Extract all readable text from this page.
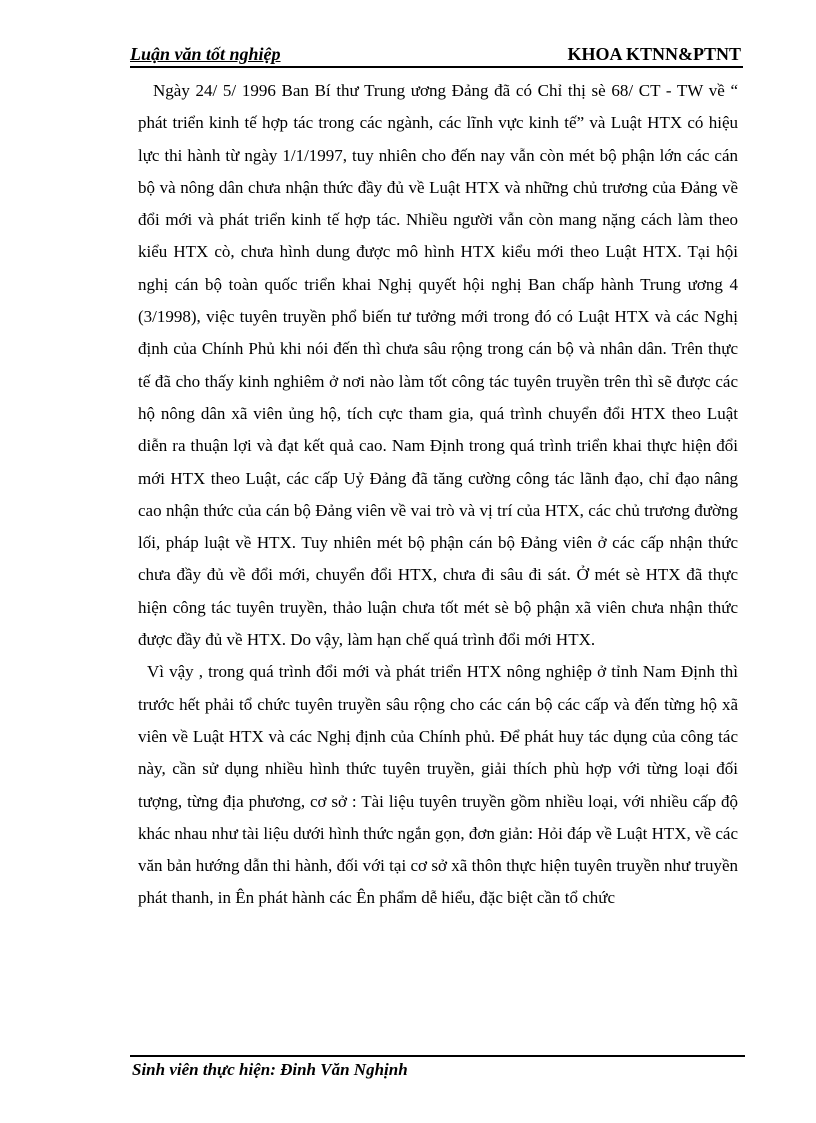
Luận văn tốt nghiệp	KHOA KTNN&PTNT

Ngày 24/ 5/ 1996 Ban Bí thư Trung ương Đảng đã có Chỉ thị sè 68/ CT - TW về “ phát triển kinh tế hợp tác trong các ngành, các lĩnh vực kinh tế” và Luật HTX có hiệu lực thi hành từ ngày 1/1/1997, tuy nhiên cho đến nay vẫn còn mét bộ phận lớn các cán bộ và nông dân chưa nhận thức đầy đủ về Luật HTX và những chủ trương của Đảng về đổi mới và phát triển kinh tế hợp tác. Nhiều người vẫn còn mang nặng cách làm theo kiểu HTX cò, chưa hình dung được mô hình HTX kiểu mới theo Luật HTX. Tại hội nghị cán bộ toàn quốc triển khai Nghị quyết hội nghị Ban chấp hành Trung ương 4 (3/1998), việc tuyên truyền phổ biến tư tưởng mới trong đó có Luật HTX và các Nghị định của Chính Phủ khi nói đến thì chưa sâu rộng trong cán bộ và nhân dân. Trên thực tế đã cho thấy kinh nghiêm ở nơi nào làm tốt công tác tuyên truyền trên thì sẽ được các hộ nông dân xã viên ủng hộ, tích cực tham gia, quá trình chuyển đổi HTX theo Luật diễn ra thuận lợi và đạt kết quả cao. Nam Định trong quá trình triển khai thực hiện đổi mới HTX theo Luật, các cấp Uỷ Đảng đã tăng cường công tác lãnh đạo, chỉ đạo nâng cao nhận thức của cán bộ Đảng viên về vai trò và vị trí của HTX, các chủ trương đường lối, pháp luật về HTX. Tuy nhiên mét bộ phận cán bộ Đảng viên ở các cấp nhận thức chưa đầy đủ về đổi mới, chuyển đổi HTX, chưa đi sâu đi sát. Ở mét sè HTX đã thực hiện công tác tuyên truyền, thảo luận chưa tốt mét sè bộ phận xã viên chưa nhận thức được đầy đủ về HTX. Do vậy, làm hạn chế quá trình đổi mới HTX.

Vì vậy , trong quá trình đổi mới và phát triển HTX nông nghiệp ở tỉnh Nam Định thì trước hết phải tổ chức tuyên truyền sâu rộng cho các cán bộ các cấp và đến từng hộ xã viên về Luật HTX và các Nghị định của Chính phủ. Để phát huy tác dụng của công tác này, cần sử dụng nhiều hình thức tuyên truyền, giải thích phù hợp với từng loại đối tượng, từng địa phương, cơ sở : Tài liệu tuyên truyền gồm nhiều loại, với nhiều cấp độ khác nhau như tài liệu dưới hình thức ngắn gọn, đơn giản: Hỏi đáp về Luật HTX, về các văn bản hướng dẫn thi hành, đối với tại cơ sở xã thôn thực hiện tuyên truyền như truyền phát thanh, in Ên phát hành các Ên phẩm dễ hiểu, đặc biệt cần tổ chức

Sinh viên thực hiện: Đinh Văn Nghịnh
